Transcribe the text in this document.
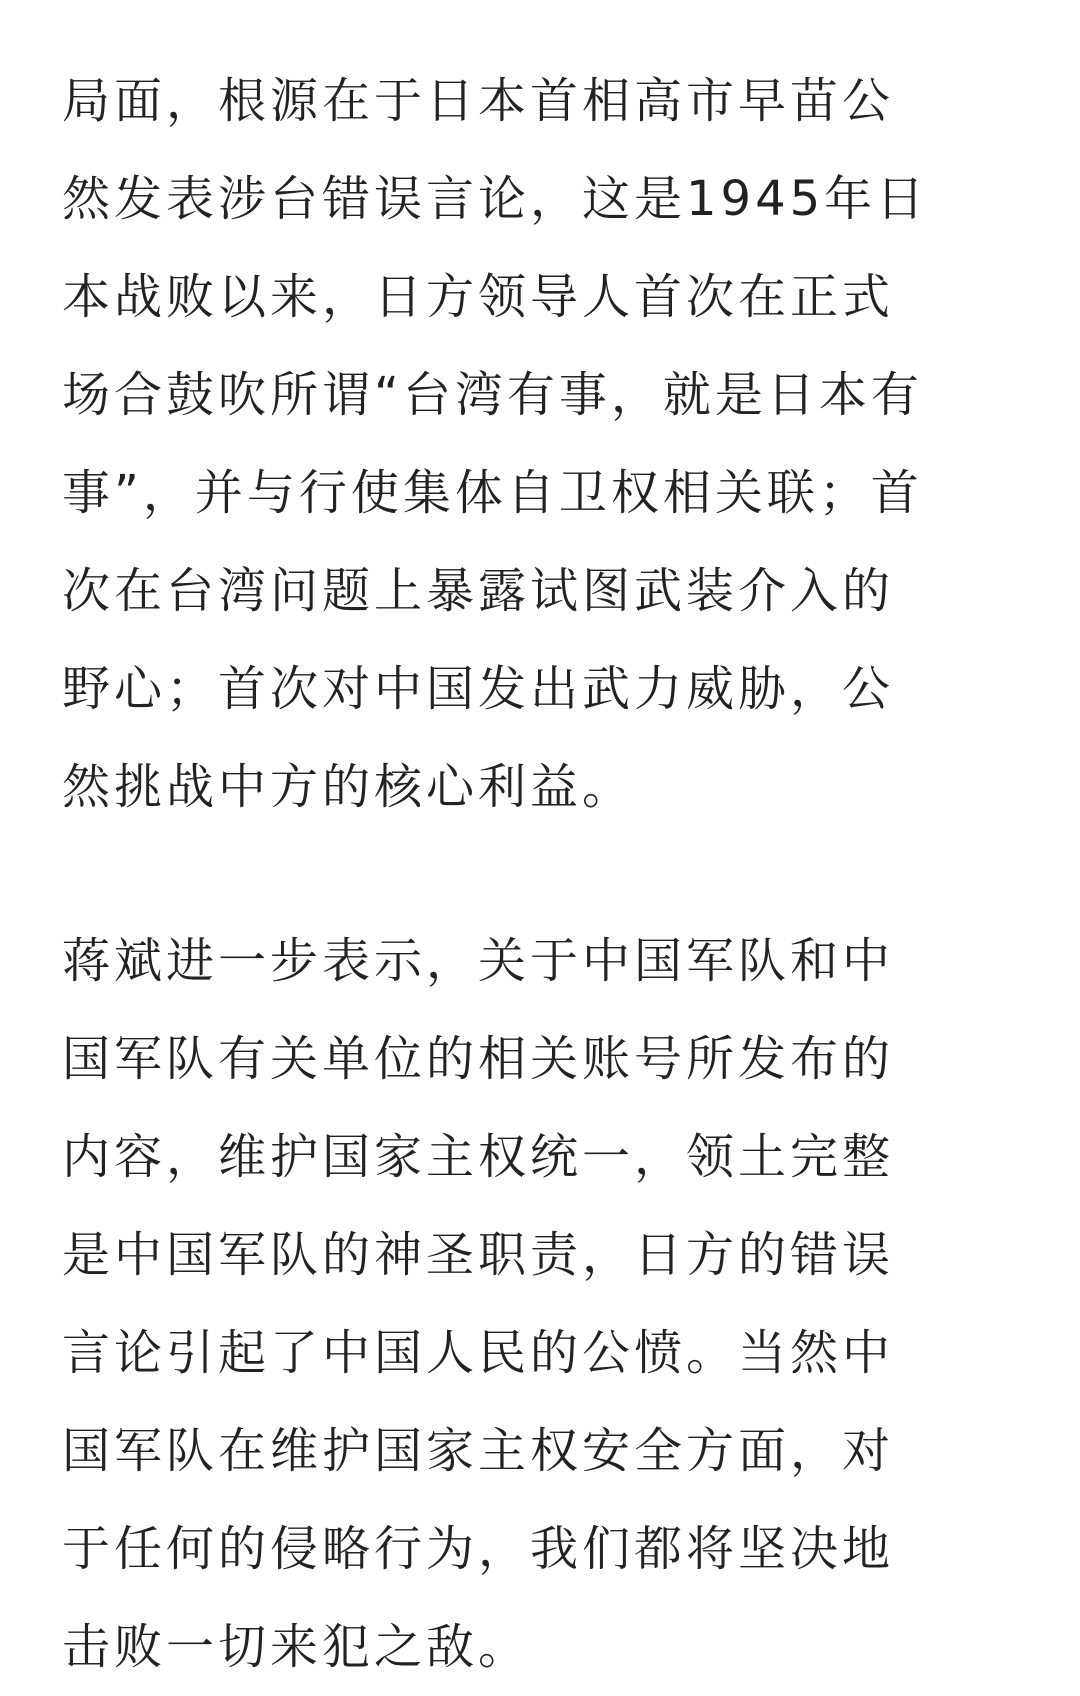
局面，根源在于日本首相高市早苗公
然发表涉台错误言论，这是1945年日
本战败以来，日方领导人首次在正式
场合鼓吹所谓“台湾有事，就是日本有
事”，并与行使集体自卫权相关联；首
次在台湾问题上暴露试图武装介入的
野心；首次对中国发出武力威胁，公
然挑战中方的核心利益。
蒋斌进一步表示，关于中国军队和中
国军队有关单位的相关账号所发布的
内容，维护国家主权统一，领土完整
是中国军队的神圣职责，日方的错误
言论引起了中国人民的公愤。当然中
国军队在维护国家主权安全方面，对
于任何的侵略行为，我们都将坚决地
击败一切来犯之敌。
